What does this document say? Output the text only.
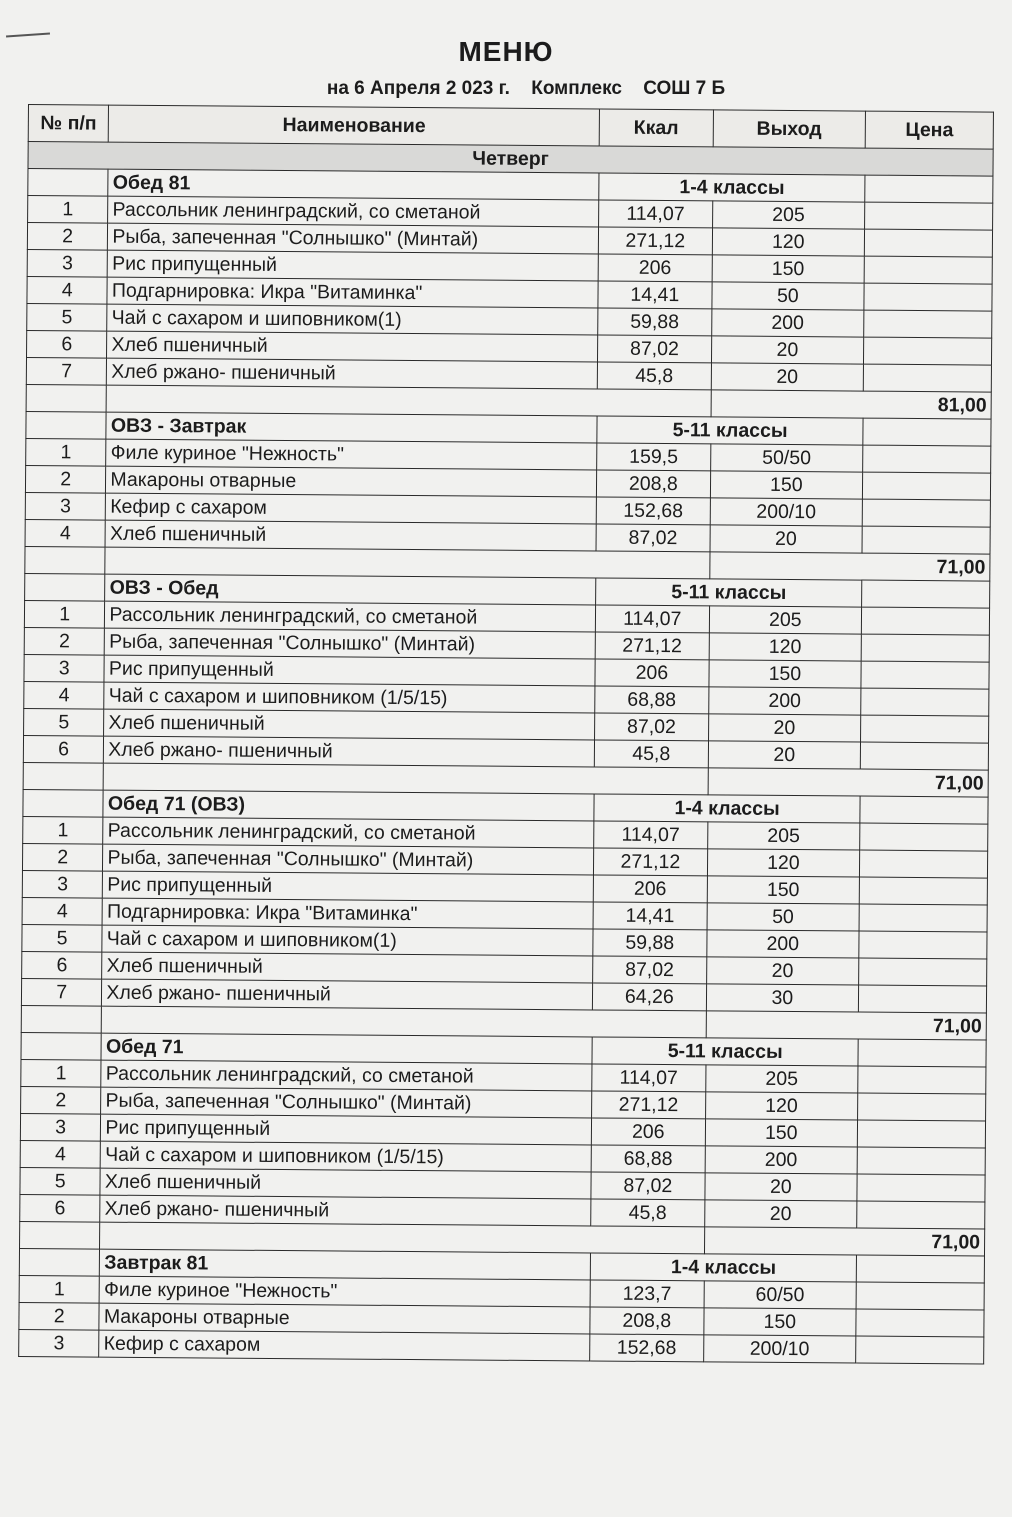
МЕНЮ
на 6 Апреля 2 023 г. Комплекс СОШ 7 Б
№ п/п	Наименование	Ккал	Выход	Цена
Четверг				
	Обед 81	1-4 классы		
1	Рассольник ленинградский, со сметаной	114,07	205	
2	Рыба, запеченная "Солнышко" (Минтай)	271,12	120	
3	Рис припущенный	206	150	
4	Подгарнировка: Икра "Витаминка"	14,41	50	
5	Чай с сахаром и шиповником(1)	59,88	200	
6	Хлеб пшеничный	87,02	20	
7	Хлеб ржано- пшеничный	45,8	20	
			81,00	
	ОВЗ - Завтрак	5-11 классы		
1	Филе куриное "Нежность"	159,5	50/50	
2	Макароны отварные	208,8	150	
3	Кефир с сахаром	152,68	200/10	
4	Хлеб пшеничный	87,02	20	
			71,00	
	ОВЗ - Обед	5-11 классы		
1	Рассольник ленинградский, со сметаной	114,07	205	
2	Рыба, запеченная "Солнышко" (Минтай)	271,12	120	
3	Рис припущенный	206	150	
4	Чай с сахаром и шиповником (1/5/15)	68,88	200	
5	Хлеб пшеничный	87,02	20	
6	Хлеб ржано- пшеничный	45,8	20	
			71,00	
	Обед 71 (ОВЗ)	1-4 классы		
1	Рассольник ленинградский, со сметаной	114,07	205	
2	Рыба, запеченная "Солнышко" (Минтай)	271,12	120	
3	Рис припущенный	206	150	
4	Подгарнировка: Икра "Витаминка"	14,41	50	
5	Чай с сахаром и шиповником(1)	59,88	200	
6	Хлеб пшеничный	87,02	20	
7	Хлеб ржано- пшеничный	64,26	30	
			71,00	
	Обед 71	5-11 классы		
1	Рассольник ленинградский, со сметаной	114,07	205	
2	Рыба, запеченная "Солнышко" (Минтай)	271,12	120	
3	Рис припущенный	206	150	
4	Чай с сахаром и шиповником (1/5/15)	68,88	200	
5	Хлеб пшеничный	87,02	20	
6	Хлеб ржано- пшеничный	45,8	20	
			71,00	
	Завтрак 81	1-4 классы		
1	Филе куриное "Нежность"	123,7	60/50	
2	Макароны отварные	208,8	150	
3	Кефир с сахаром	152,68	200/10	
